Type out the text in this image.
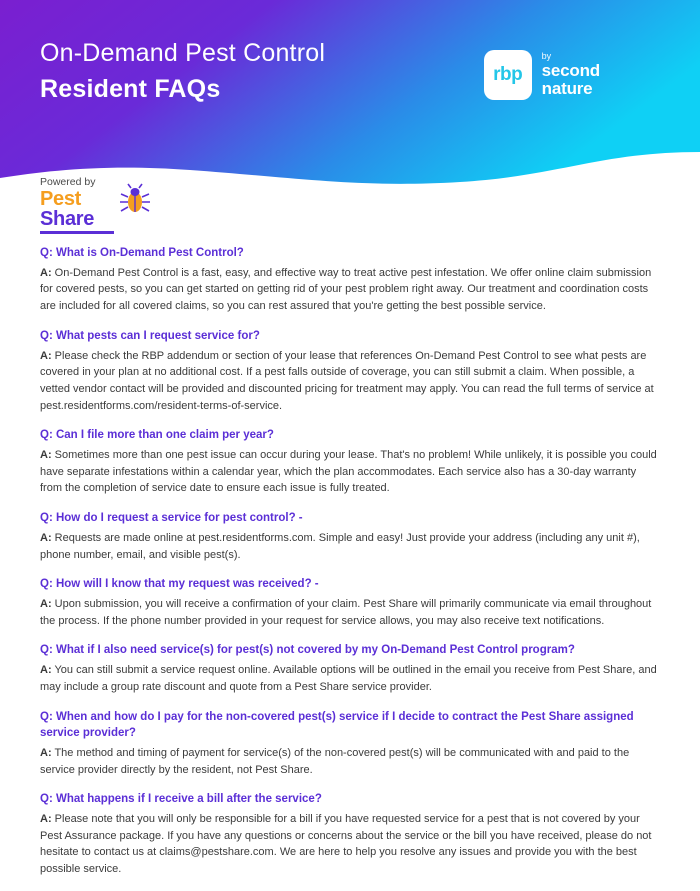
On-Demand Pest Control
Resident FAQs
rbp
by
second
nature
Powered by
Pest
Share
Q: What is On-Demand Pest Control?
A: On-Demand Pest Control is a fast, easy, and effective way to treat active pest infestation. We offer online claim submission for covered pests, so you can get started on getting rid of your pest problem right away. Our treatment and coordination costs are included for all covered claims, so you can rest assured that you're getting the best possible service.
Q: What pests can I request service for?
A: Please check the RBP addendum or section of your lease that references On-Demand Pest Control to see what pests are covered in your plan at no additional cost. If a pest falls outside of coverage, you can still submit a claim. When possible, a vetted vendor contact will be provided and discounted pricing for treatment may apply. You can read the full terms of service at pest.residentforms.com/resident-terms-of-service.
Q: Can I file more than one claim per year?
A: Sometimes more than one pest issue can occur during your lease. That's no problem! While unlikely, it is possible you could have separate infestations within a calendar year, which the plan accommodates. Each service also has a 30-day warranty from the completion of service date to ensure each issue is fully treated.
Q: How do I request a service for pest control? -
A: Requests are made online at pest.residentforms.com. Simple and easy! Just provide your address (including any unit #), phone number, email, and visible pest(s).
Q: How will I know that my request was received? -
A: Upon submission, you will receive a confirmation of your claim. Pest Share will primarily communicate via email throughout the process. If the phone number provided in your request for service allows, you may also receive text notifications.
Q: What if I also need service(s) for pest(s) not covered by my On-Demand Pest Control program?
A: You can still submit a service request online. Available options will be outlined in the email you receive from Pest Share, and may include a group rate discount and quote from a Pest Share service provider.
Q: When and how do I pay for the non-covered pest(s) service if I decide to contract the Pest Share assigned service provider?
A: The method and timing of payment for service(s) of the non-covered pest(s) will be communicated with and paid to the service provider directly by the resident, not Pest Share.
Q: What happens if I receive a bill after the service?
A: Please note that you will only be responsible for a bill if you have requested service for a pest that is not covered by your Pest Assurance package. If you have any questions or concerns about the service or the bill you have received, please do not hesitate to contact us at claims@pestshare.com. We are here to help you resolve any issues and provide you with the best possible service.
